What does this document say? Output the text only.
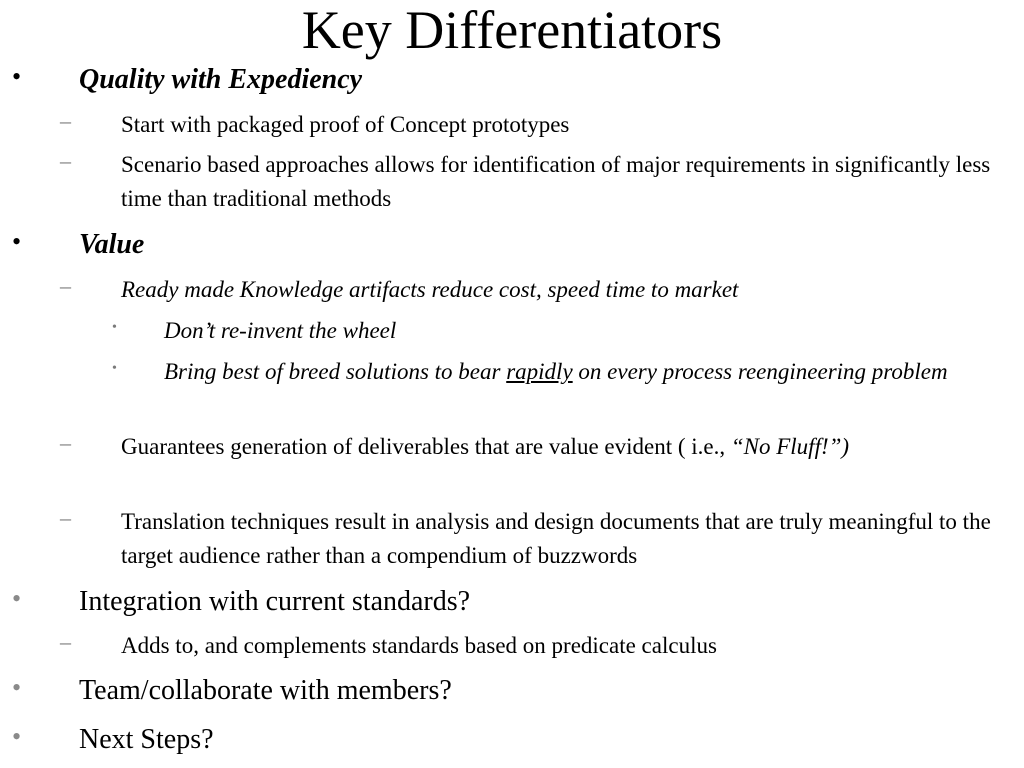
Key Differentiators
• Quality with Expediency
– Start with packaged proof of Concept prototypes
– Scenario based approaches allows for identification of major requirements in significantly less time than traditional methods
• Value
– Ready made Knowledge artifacts reduce cost, speed time to market
• Don’t re-invent the wheel
• Bring best of breed solutions to bear rapidly on every process reengineering problem
– Guarantees generation of deliverables that are value evident ( i.e., “No Fluff!”)
– Translation techniques result in analysis and design documents that are truly meaningful to the target audience rather than a compendium of buzzwords
• Integration with current standards?
– Adds to, and complements standards based on predicate calculus
• Team/collaborate with members?
• Next Steps?
